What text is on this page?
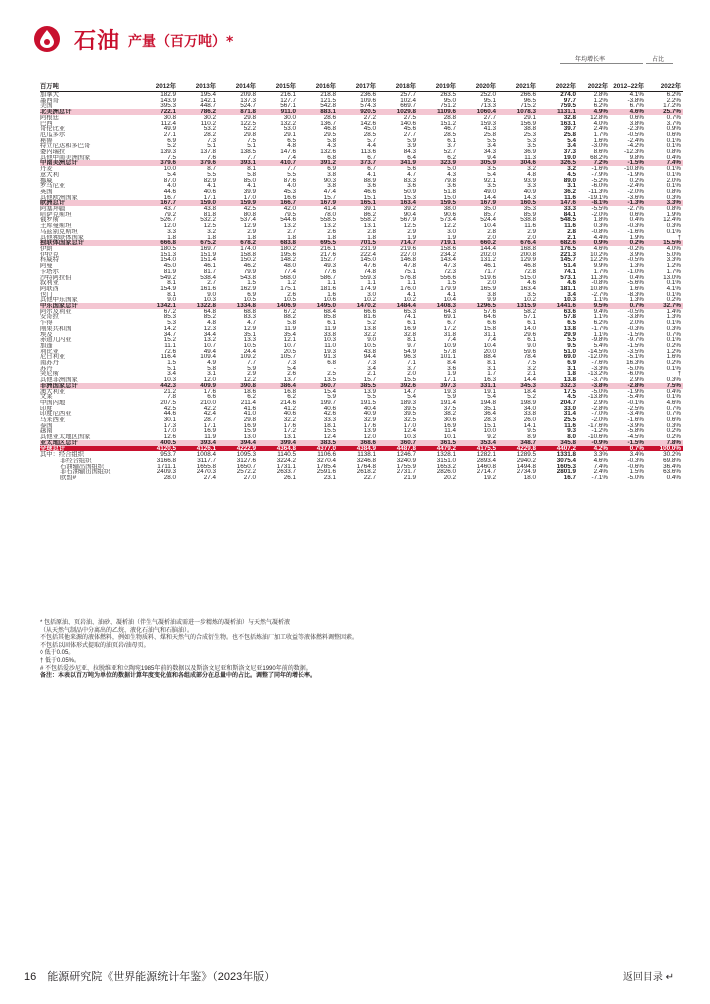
石油 产量（百万吨）*
年均增长率	占比
百万吨	2012年	2013年	2014年	2015年	2016年	2017年	2018年	2019年	2020年	2021年	2022年	2022年	2012–22年	2022年
加拿大	182.9	195.4	209.8	216.1	218.8	236.6	257.7	263.5	252.0	266.6	274.0	2.8%	4.1%	6.2%
墨西哥	143.9	142.1	137.3	127.7	121.5	109.6	102.4	95.0	95.1	96.5	97.7	1.2%	-3.8%	2.2%
美国	395.3	448.7	524.7	567.1	542.8	574.3	669.7	751.2	713.3	715.2	759.5	6.2%	6.7%	17.2%
北美洲总计	722.1	786.2	871.8	911.0	883.1	920.5	1029.8	1109.6	1060.4	1078.3	1131.1	4.9%	4.6%	25.7%
阿根廷	30.8	30.2	29.8	30.0	28.6	27.2	27.5	28.8	27.7	29.1	32.8	12.8%	0.6%	0.7%
巴西	112.4	110.2	122.5	132.2	136.7	142.6	140.6	151.2	159.3	156.9	163.1	4.0%	3.8%	3.7%
哥伦比亚	49.9	53.2	52.2	53.0	46.8	45.0	45.6	46.7	41.3	38.8	39.7	2.4%	-2.3%	0.9%
厄瓜多尔	27.1	28.2	29.8	29.1	29.5	28.5	27.7	28.5	25.8	25.3	25.8	1.7%	-0.5%	0.6%
秘鲁	6.9	7.3	7.5	6.5	5.8	5.7	5.9	6.1	5.5	5.3	5.4	1.6%	-2.4%	0.1%
特立尼达和多巴哥	5.2	5.1	5.1	4.8	4.3	4.4	3.9	3.7	3.4	3.5	3.4	-3.0%	-4.2%	0.1%
委内瑞拉	139.3	137.8	138.5	147.6	132.6	113.6	84.3	52.7	34.3	36.9	37.3	8.6%	-12.3%	0.8%
其他中南美洲国家	7.5	7.6	7.7	7.4	6.8	6.7	6.4	6.2	9.4	11.3	19.0	68.2%	9.8%	0.4%
中南美洲总计	379.6	379.6	393.1	410.7	391.2	373.7	341.9	323.9	305.9	304.6	326.5	7.2%	-1.5%	7.4%
丹麦	10.0	8.7	8.1	7.7	6.9	6.7	5.6	5.0	3.5	3.2	3.2	-1.6%	-10.8%	0.1%
意大利	5.4	5.5	5.8	5.5	3.8	4.1	4.7	4.3	5.4	4.8	4.5	-7.9%	-1.9%	0.1%
挪威	87.0	82.9	85.0	87.6	90.3	88.9	83.3	79.8	92.1	93.9	89.0	-5.2%	0.2%	2.0%
罗马尼亚	4.0	4.1	4.1	4.0	3.8	3.6	3.6	3.6	3.5	3.3	3.1	-6.0%	-2.4%	0.1%
英国	44.6	40.6	39.9	45.3	47.4	46.6	50.9	51.8	49.0	40.9	36.2	-11.3%	-2.0%	0.8%
其他欧洲国家	16.7	17.1	17.0	16.6	15.7	15.1	15.3	15.0	14.4	14.3	11.6	-19.1%	-3.6%	0.3%
欧洲总计	167.7	159.0	159.9	166.7	167.9	165.1	163.4	159.5	167.9	160.5	147.6	-8.1%	-1.3%	3.3%
阿塞拜疆	43.7	43.8	42.5	42.0	41.4	39.1	39.2	38.0	35.0	35.3	33.3	-5.5%	-2.7%	0.8%
哈萨克斯坦	79.2	81.8	80.8	79.5	78.0	86.2	90.4	90.6	85.7	85.9	84.1	-2.0%	0.6%	1.9%
俄罗斯	526.7	532.2	537.4	544.6	558.5	558.2	567.9	573.4	524.4	538.8	548.5	1.8%	0.4%	12.4%
土库曼斯坦	12.0	12.5	12.9	13.2	13.2	13.1	12.5	12.2	10.4	11.6	11.6	0.3%	-0.3%	0.3%
乌兹别克斯坦	3.3	3.2	2.9	2.7	2.6	2.8	2.9	3.0	2.8	2.9	2.8	-0.8%	-1.6%	0.1%
其他独联体国家	1.8	1.8	1.8	1.8	1.8	1.8	1.9	1.9	2.0	2.0	2.1	4.4%	1.9%	†
独联体国家总计	666.8	675.2	678.2	683.8	695.5	701.5	714.7	719.1	660.2	676.4	682.6	0.9%	0.2%	15.5%
伊朗	180.5	169.7	174.0	180.2	216.1	231.9	219.6	158.6	144.4	168.8	176.5	4.6%	-0.2%	4.0%
伊拉克	151.3	151.9	158.8	195.6	217.6	222.4	227.0	234.2	202.0	200.8	221.3	10.2%	3.9%	5.0%
科威特	154.0	151.4	150.2	148.2	152.7	145.0	146.8	143.4	131.2	129.9	145.7	12.2%	-0.5%	3.3%
阿曼	45.0	46.1	46.2	48.0	49.3	47.6	47.8	47.3	46.1	46.8	51.4	9.9%	1.3%	1.2%
卡塔尔	81.9	81.7	79.9	77.4	77.6	74.8	75.1	72.3	71.7	72.8	74.1	1.7%	-1.0%	1.7%
沙特阿拉伯	549.2	538.4	543.8	568.0	586.7	559.3	576.8	556.6	519.6	515.0	573.1	11.3%	0.4%	13.0%
叙利亚	8.1	2.7	1.5	1.2	1.1	1.1	1.1	1.5	2.0	4.6	4.6	-0.8%	-5.6%	0.1%
阿联酋	154.9	161.6	162.9	175.1	181.6	174.9	176.0	179.9	165.9	163.4	181.1	10.8%	1.6%	4.1%
也门	8.1	9.0	6.9	2.6	1.6	3.0	4.1	4.1	3.8	3.5	3.4	-2.7%	-8.3%	0.1%
其他中东国家	9.0	10.3	10.5	10.5	10.6	10.2	10.2	10.4	9.9	10.2	10.3	1.1%	1.3%	0.2%
中东国家总计	1342.1	1322.8	1334.8	1406.9	1495.0	1470.2	1484.4	1408.3	1296.5	1315.9	1441.6	9.5%	0.7%	32.7%
阿尔及利亚	67.2	64.8	68.8	67.2	68.4	66.6	65.3	64.3	57.6	58.2	63.6	9.4%	-0.5%	1.4%
安哥拉	85.3	85.2	83.3	88.2	85.8	81.6	74.1	69.1	64.6	57.1	57.8	1.1%	-3.8%	1.3%
乍得	5.3	4.8	4.7	5.8	6.1	5.2	6.1	6.7	6.6	6.1	6.5	6.2%	2.0%	0.1%
刚果共和国	14.2	12.3	12.9	11.9	11.9	13.8	16.9	17.2	15.8	14.0	13.8	-1.7%	-0.3%	0.3%
埃及	34.7	34.4	35.1	35.4	33.8	32.2	32.8	31.8	31.1	29.6	29.9	1.1%	-1.5%	0.7%
赤道几内亚	15.2	13.2	13.3	12.1	10.3	9.0	8.1	7.4	7.4	6.1	5.5	-9.8%	-9.7%	0.1%
加蓬	11.1	10.7	10.5	10.7	11.0	10.5	9.7	10.9	10.4	9.0	9.5	5.4%	-1.5%	0.2%
利比亚	72.6	49.4	24.4	20.5	19.3	43.8	54.9	57.8	20.0	59.6	51.0	-14.5%	-3.5%	1.2%
尼日利亚	116.4	109.4	109.2	105.7	91.3	94.4	96.3	101.1	88.4	78.4	69.0	-12.0%	-5.1%	1.6%
南苏丹	1.5	4.9	7.7	7.3	6.8	7.3	7.1	8.4	8.1	7.5	6.9	-7.6%	16.3%	0.2%
苏丹	5.1	5.8	5.9	5.4	-	3.4	3.7	3.6	3.1	3.2	3.1	-3.3%	-5.0%	0.1%
突尼斯	3.4	3.1	2.9	2.6	2.5	2.1	2.0	1.9	1.7	2.1	1.8	-13.2%	-6.0%	†
其他非洲国家	10.3	12.0	12.2	13.7	13.5	15.7	15.5	17.1	16.3	14.4	13.8	-3.7%	2.9%	0.3%
非洲国家总计	442.3	409.9	390.8	386.4	360.7	385.5	392.6	397.3	331.1	345.3	332.3	-3.8%	-2.8%	7.5%
澳大利亚	21.2	17.6	18.6	16.8	15.4	13.9	14.7	19.3	19.1	18.4	17.5	-5.0%	-1.9%	0.4%
文莱	7.8	6.6	6.2	6.2	5.9	5.5	5.4	5.9	5.4	5.2	4.5	-13.8%	-5.4%	0.1%
中国内地	207.5	210.0	211.4	214.6	199.7	191.5	189.3	191.4	194.8	198.9	204.7	2.9%	-0.1%	4.6%
印度	42.5	42.2	41.6	41.2	40.6	40.4	39.5	37.5	35.1	34.0	33.0	-2.8%	-2.5%	0.7%
印度尼西亚	44.6	42.4	41.0	40.6	42.6	40.9	39.5	38.2	36.4	33.8	31.4	-7.0%	-3.4%	0.7%
马来西亚	30.1	28.7	29.8	32.2	33.3	32.9	32.5	30.6	28.3	26.0	25.5	-2.0%	-1.6%	0.6%
泰国	17.3	17.1	16.9	17.6	18.1	17.6	17.0	16.9	15.1	14.1	11.6	-17.6%	-3.9%	0.3%
越南	17.0	16.9	15.9	17.2	15.5	13.9	12.4	11.4	10.0	9.5	9.3	-1.2%	-5.8%	0.2%
其他亚太地区国家	12.6	11.9	13.0	13.1	12.4	12.0	10.3	10.1	9.2	8.9	8.0	-10.6%	-4.5%	0.2%
亚太地区总计	400.5	393.4	394.4	399.4	383.5	368.6	360.7	361.5	353.4	348.7	345.8	-0.9%	-1.5%	7.8%
全球总计	4120.5	4126.1	4222.9	4364.8	4377.0	4384.9	4487.8	4479.2	4175.5	4229.8	4407.2	4.2%	0.7%	100.0%
其中：经合组织	953.7	1008.4	1095.3	1140.5	1106.6	1138.1	1246.7	1328.1	1282.1	1289.5	1331.8	3.3%	3.4%	30.2%
非经合组织	3166.8	3117.7	3127.6	3224.2	3270.4	3246.8	3240.9	3151.0	2893.4	2940.2	3075.4	4.6%	-0.3%	69.8%
石油输出国组织	1711.1	1655.8	1650.7	1731.1	1785.4	1764.8	1755.9	1653.2	1460.8	1494.8	1605.3	7.4%	-0.6%	36.4%
非石油输出国组织	2409.3	2470.3	2572.2	2633.7	2591.6	2618.2	2731.7	2826.0	2714.7	2734.9	2801.9	2.4%	1.5%	63.6%
欧盟#	28.0	27.4	27.0	26.1	23.1	22.7	21.9	20.2	19.2	18.0	16.7	-7.1%	-5.0%	0.4%
* 包括原油、页岩油、油砂、凝析油（伴生气凝析油或需进一步精炼的凝析油）与天然气凝析液
（从天然气制品中分离出的乙烷、液化石油气和石脑油）。
不包括其他来源的液体燃料，例如生物质料、煤和天然气的合成衍生物。也不包括炼油厂加工收益等液体燃料调整因素。
不包括以固体形式提取的油页岩/油母页。
◊ 低于0.05。
† 低于0.05%。
# 不包括爱沙尼亚、拉脱维亚和立陶宛1985年前的数据以及斯洛文尼亚和斯洛文尼亚1990年前的数据。
备注：本表以百万吨为单位的数据计算年度变化值和各组成部分在总量中的占比。调整了同年的增长率。
16 能源研究院《世界能源统计年鉴》（2023年版）	返回目录 ↵
